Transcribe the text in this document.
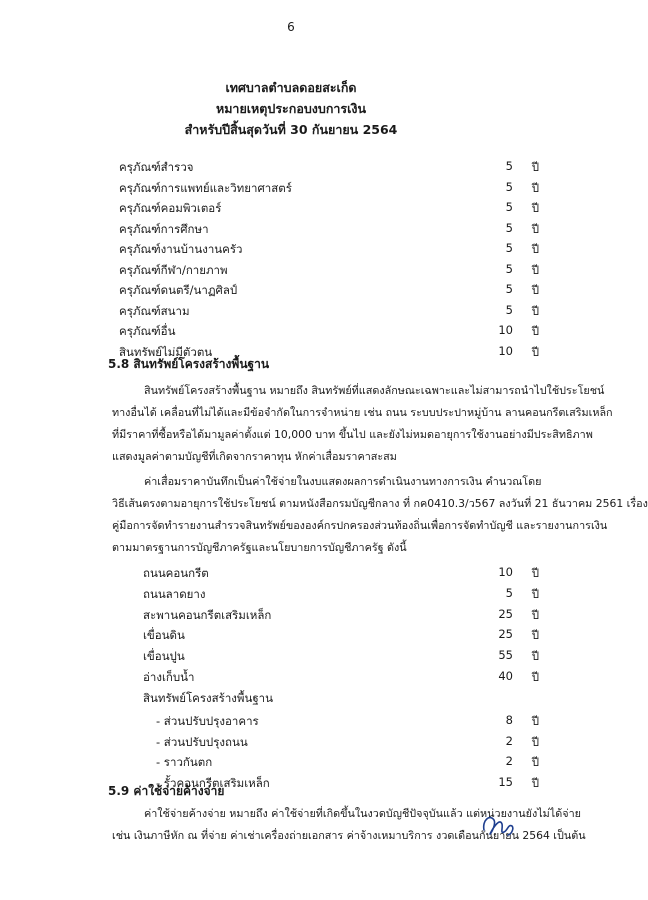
6
เทศบาลตำบลดอยสะเก็ด
หมายเหตุประกอบงบการเงิน
สำหรับปีสิ้นสุดวันที่ 30 กันยายน 2564
ครุภัณฑ์สำรวจ	5 ปี
ครุภัณฑ์การแพทย์และวิทยาศาสตร์	5 ปี
ครุภัณฑ์คอมพิวเตอร์	5 ปี
ครุภัณฑ์การศึกษา	5 ปี
ครุภัณฑ์งานบ้านงานครัว	5 ปี
ครุภัณฑ์กีฬา/กายภาพ	5 ปี
ครุภัณฑ์ดนตรี/นาฏศิลป์	5 ปี
ครุภัณฑ์สนาม	5 ปี
ครุภัณฑ์อื่น	10 ปี
สินทรัพย์ไม่มีตัวตน	10 ปี
5.8 สินทรัพย์โครงสร้างพื้นฐาน
สินทรัพย์โครงสร้างพื้นฐาน หมายถึง สินทรัพย์ที่แสดงลักษณะเฉพาะและไม่สามารถนำไปใช้ประโยชน์
ทางอื่นได้ เคลื่อนที่ไม่ได้และมีข้อจำกัดในการจำหน่าย เช่น ถนน ระบบประปาหมู่บ้าน ลานคอนกรีตเสริมเหล็ก
ที่มีราคาที่ซื้อหรือได้มามูลค่าตั้งแต่ 10,000 บาท ขึ้นไป และยังไม่หมดอายุการใช้งานอย่างมีประสิทธิภาพ
แสดงมูลค่าตามบัญชีที่เกิดจากราคาทุน หักค่าเสื่อมราคาสะสม
ค่าเสื่อมราคาบันทึกเป็นค่าใช้จ่ายในงบแสดงผลการดำเนินงานทางการเงิน คำนวณโดย
วิธีเส้นตรงตามอายุการใช้ประโยชน์ ตามหนังสือกรมบัญชีกลาง ที่ กค0410.3/ว567 ลงวันที่ 21 ธันวาคม 2561 เรื่อง
คู่มือการจัดทำรายงานสำรวจสินทรัพย์ขององค์กรปกครองส่วนท้องถิ่นเพื่อการจัดทำบัญชี และรายงานการเงิน
ตามมาตรฐานการบัญชีภาครัฐและนโยบายการบัญชีภาครัฐ ดังนี้
ถนนคอนกรีต	10 ปี
ถนนลาดยาง	5 ปี
สะพานคอนกรีตเสริมเหล็ก	25 ปี
เขื่อนดิน	25 ปี
เขื่อนปูน	55 ปี
อ่างเก็บน้ำ	40 ปี
สินทรัพย์โครงสร้างพื้นฐาน
- ส่วนปรับปรุงอาคาร	8 ปี
- ส่วนปรับปรุงถนน	2 ปี
- ราวกันตก	2 ปี
- รั้วคอนกรีตเสริมเหล็ก	15 ปี
5.9 ค่าใช้จ่ายค้างจ่าย
ค่าใช้จ่ายค้างจ่าย หมายถึง ค่าใช้จ่ายที่เกิดขึ้นในงวดบัญชีปัจจุบันแล้ว แต่หน่วยงานยังไม่ได้จ่าย
เช่น เงินภาษีหัก ณ ที่จ่าย ค่าเช่าเครื่องถ่ายเอกสาร ค่าจ้างเหมาบริการ งวดเดือนกันยายน 2564 เป็นต้น
